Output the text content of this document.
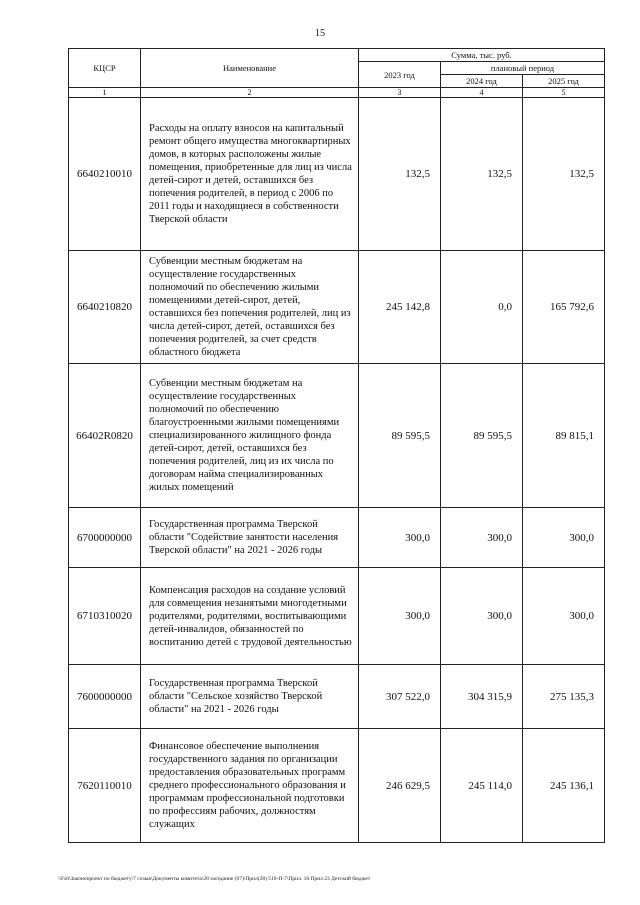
15
КЦСР	Наименование	Сумма, тыс. руб.		
		2023 год	плановый период	
			2024 год	2025 год
1	2	3	4	5
6640210010	Расходы на оплату взносов на капитальный ремонт общего имущества многоквартирных домов, в которых расположены жилые помещения, приобретенные для лиц из числа детей-сирот и детей, оставшихся без попечения родителей, в период с 2006 по 2011 годы и находящиеся в собственности Тверской области	132,5	132,5	132,5
6640210820	Субвенции местным бюджетам на осуществление государственных полномочий по обеспечению жилыми помещениями детей-сирот, детей, оставшихся без попечения родителей, лиц из числа детей-сирот, детей, оставшихся без попечения родителей, за счет средств областного бюджета	245 142,8	0,0	165 792,6
66402R0820	Субвенции местным бюджетам на осуществление государственных полномочий по обеспечению благоустроенными жилыми помещениями специализированного жилищного фонда детей-сирот, детей, оставшихся без попечения родителей, лиц из их числа по договорам найма специализированных жилых помещений	89 595,5	89 595,5	89 815,1
6700000000	Государственная программа Тверской области "Содействие занятости населения Тверской области" на 2021 - 2026 годы	300,0	300,0	300,0
6710310020	Компенсация расходов на создание условий для совмещения незанятыми многодетными родителями, родителями, воспитывающими детей-инвалидов, обязанностей по воспитанию детей с трудовой деятельностью	300,0	300,0	300,0
7600000000	Государственная программа Тверской области "Сельское хозяйство Тверской области" на 2021 - 2026 годы	307 522,0	304 315,9	275 135,3
7620110010	Финансовое обеспечение выполнения государственного задания по организации предоставления образовательных программ среднего профессионального образования и программам профессиональной подготовки по профессиям рабочих, должностям служащих	246 629,5	245 114,0	245 136,1
\\Fs0\Законопроект по бюджету\7 созыв\Документы комитета\28 заседание (07)\Прил(28) 510-П-7\Прил. 16 Прил 23 Детский бюджет
